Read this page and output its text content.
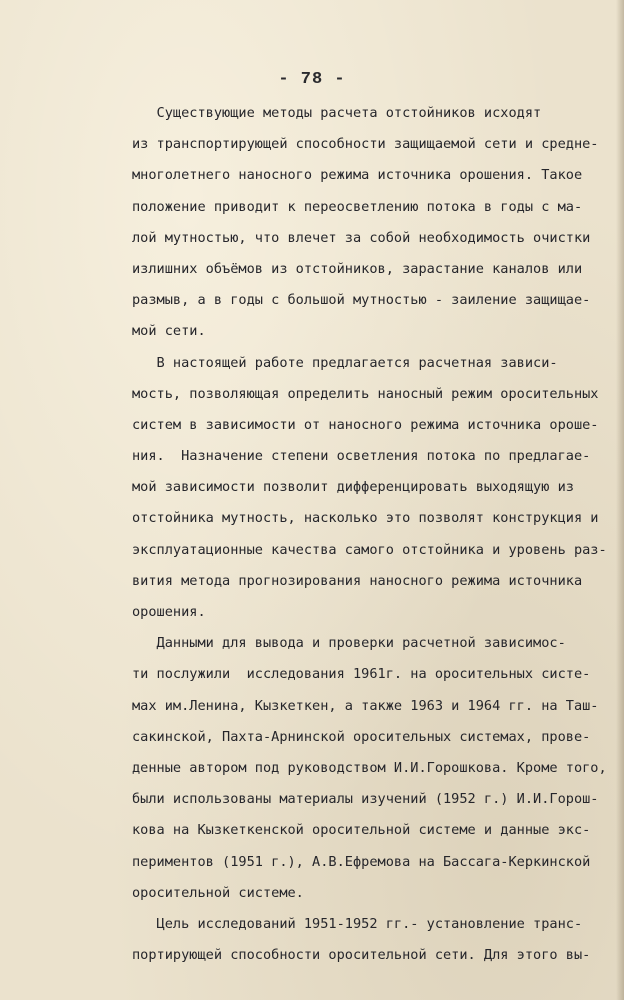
- 78 -
Существующие методы расчета отстойников исходят
из транспортирующей способности защищаемой сети и средне-
многолетнего наносного режима источника орошения. Такое
положение приводит к переосветлению потока в годы с ма-
лой мутностью, что влечет за собой необходимость очистки
излишних объёмов из отстойников, зарастание каналов или
размыв, а в годы с большой мутностью - заиление защищае-
мой сети.
В настоящей работе предлагается расчетная зависи-
мость, позволяющая определить наносный режим оросительных
систем в зависимости от наносного режима источника ороше-
ния.  Назначение степени осветления потока по предлагае-
мой зависимости позволит дифференцировать выходящую из
отстойника мутность, насколько это позволят конструкция и
эксплуатационные качества самого отстойника и уровень раз-
вития метода прогнозирования наносного режима источника
орошения.
Данными для вывода и проверки расчетной зависимос-
ти послужили  исследования 1961г. на оросительных систе-
мах им.Ленина, Кызкеткен, а также 1963 и 1964 гг. на Таш-
сакинской, Пахта-Арнинской оросительных системах, прове-
денные автором под руководством И.И.Горошкова. Кроме того,
были использованы материалы изучений (1952 г.) И.И.Горош-
кова на Кызкеткенской оросительной системе и данные экс-
периментов (1951 г.), А.В.Ефремова на Бассага-Керкинской
оросительной системе.
Цель исследований 1951-1952 гг.- установление транс-
портирующей способности оросительной сети. Для этого вы-
